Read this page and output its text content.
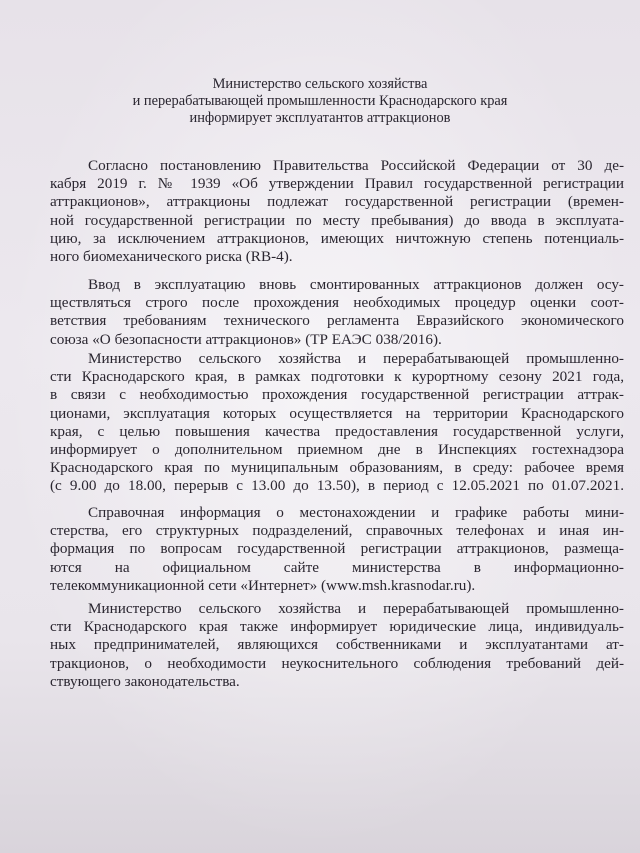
Министерство сельского хозяйства
и перерабатывающей промышленности Краснодарского края
информирует эксплуатантов аттракционов
Согласно постановлению Правительства Российской Федерации от 30 де-
кабря 2019 г. № 1939 «Об утверждении Правил государственной регистрации
аттракционов», аттракционы подлежат государственной регистрации (времен-
ной государственной регистрации по месту пребывания) до ввода в эксплуата-
цию, за исключением аттракционов, имеющих ничтожную степень потенциаль-
ного биомеханического риска (RB-4).
Ввод в эксплуатацию вновь смонтированных аттракционов должен осу-
ществляться строго после прохождения необходимых процедур оценки соот-
ветствия требованиям технического регламента Евразийского экономического
союза «О безопасности аттракционов» (ТР ЕАЭС 038/2016).
Министерство сельского хозяйства и перерабатывающей промышленно-
сти Краснодарского края, в рамках подготовки к курортному сезону 2021 года,
в связи с необходимостью прохождения государственной регистрации аттрак-
ционами, эксплуатация которых осуществляется на территории Краснодарского
края, с целью повышения качества предоставления государственной услуги,
информирует о дополнительном приемном дне в Инспекциях гостехнадзора
Краснодарского края по муниципальным образованиям, в среду: рабочее время
(с 9.00 до 18.00, перерыв с 13.00 до 13.50), в период с 12.05.2021 по 01.07.2021.
Справочная информация о местонахождении и графике работы мини-
стерства, его структурных подразделений, справочных телефонах и иная ин-
формация по вопросам государственной регистрации аттракционов, размеща-
ются на официальном сайте министерства в информационно-
телекоммуникационной сети «Интернет» (www.msh.krasnodar.ru).
Министерство сельского хозяйства и перерабатывающей промышленно-
сти Краснодарского края также информирует юридические лица, индивидуаль-
ных предпринимателей, являющихся собственниками и эксплуатантами ат-
тракционов, о необходимости неукоснительного соблюдения требований дей-
ствующего законодательства.
